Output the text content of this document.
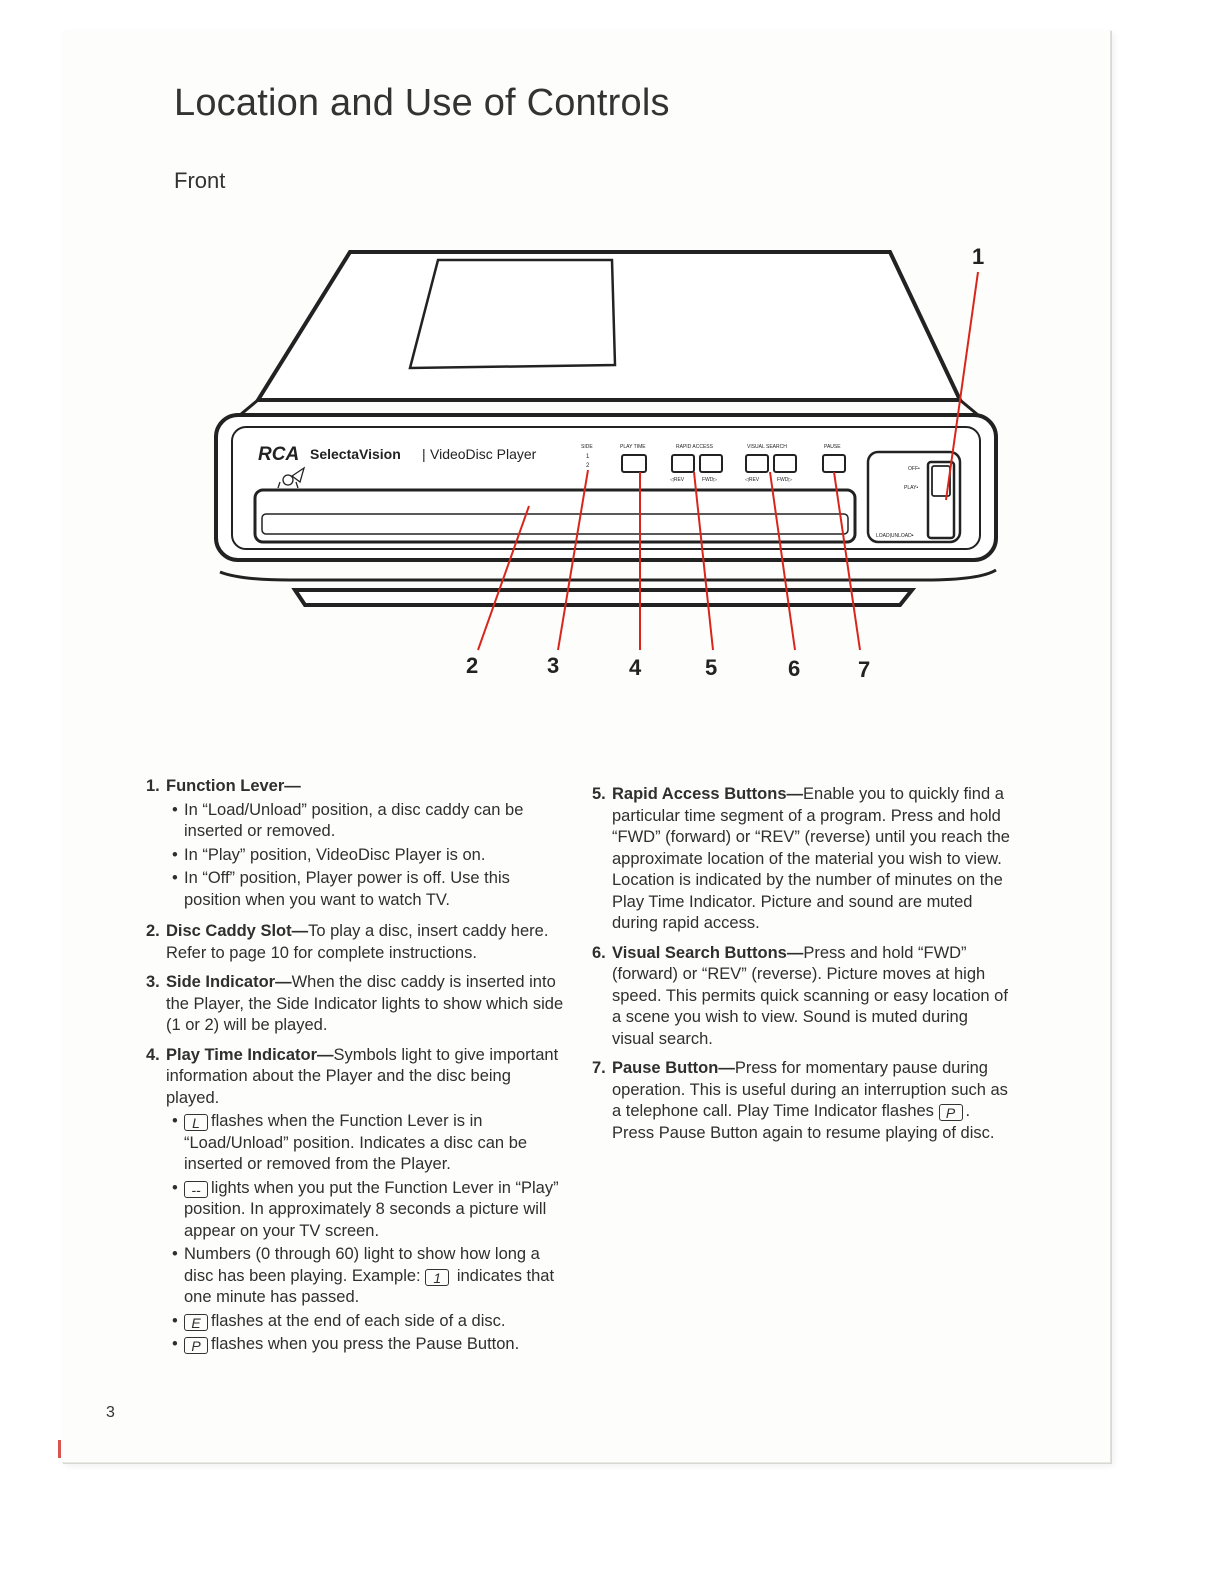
Location and Use of Controls
Front
RCA SelectaVision | VideoDisc Player	SIDE
1
2
PLAY TIME	RAPID ACCESS
◁REV	FWD▷
VISUAL SEARCH
◁REV	FWD▷
PAUSE
OFF•
PLAY•
LOAD|UNLOAD•
1
2	3	4	5	6	7
1. Function Lever—
• In “Load/Unload” position, a disc caddy can be inserted or removed.
• In “Play” position, VideoDisc Player is on.
• In “Off” position, Player power is off. Use this position when you want to watch TV.
2. Disc Caddy Slot—To play a disc, insert caddy here. Refer to page 10 for complete instructions.
3. Side Indicator—When the disc caddy is inserted into the Player, the Side Indicator lights to show which side (1 or 2) will be played.
4. Play Time Indicator—Symbols light to give important information about the Player and the disc being played.
• L flashes when the Function Lever is in “Load/Unload” position. Indicates a disc can be inserted or removed from the Player.
• -- lights when you put the Function Lever in “Play” position. In approximately 8 seconds a picture will appear on your TV screen.
• Numbers (0 through 60) light to show how long a disc has been playing. Example: 1 indicates that one minute has passed.
• E flashes at the end of each side of a disc.
• P flashes when you press the Pause Button.
5. Rapid Access Buttons—Enable you to quickly find a particular time segment of a program. Press and hold “FWD” (forward) or “REV” (reverse) until you reach the approximate location of the material you wish to view. Location is indicated by the number of minutes on the Play Time Indicator. Picture and sound are muted during rapid access.
6. Visual Search Buttons—Press and hold “FWD” (forward) or “REV” (reverse). Picture moves at high speed. This permits quick scanning or easy location of a scene you wish to view. Sound is muted during visual search.
7. Pause Button—Press for momentary pause during operation. This is useful during an interruption such as a telephone call. Play Time Indicator flashes P . Press Pause Button again to resume playing of disc.
3
